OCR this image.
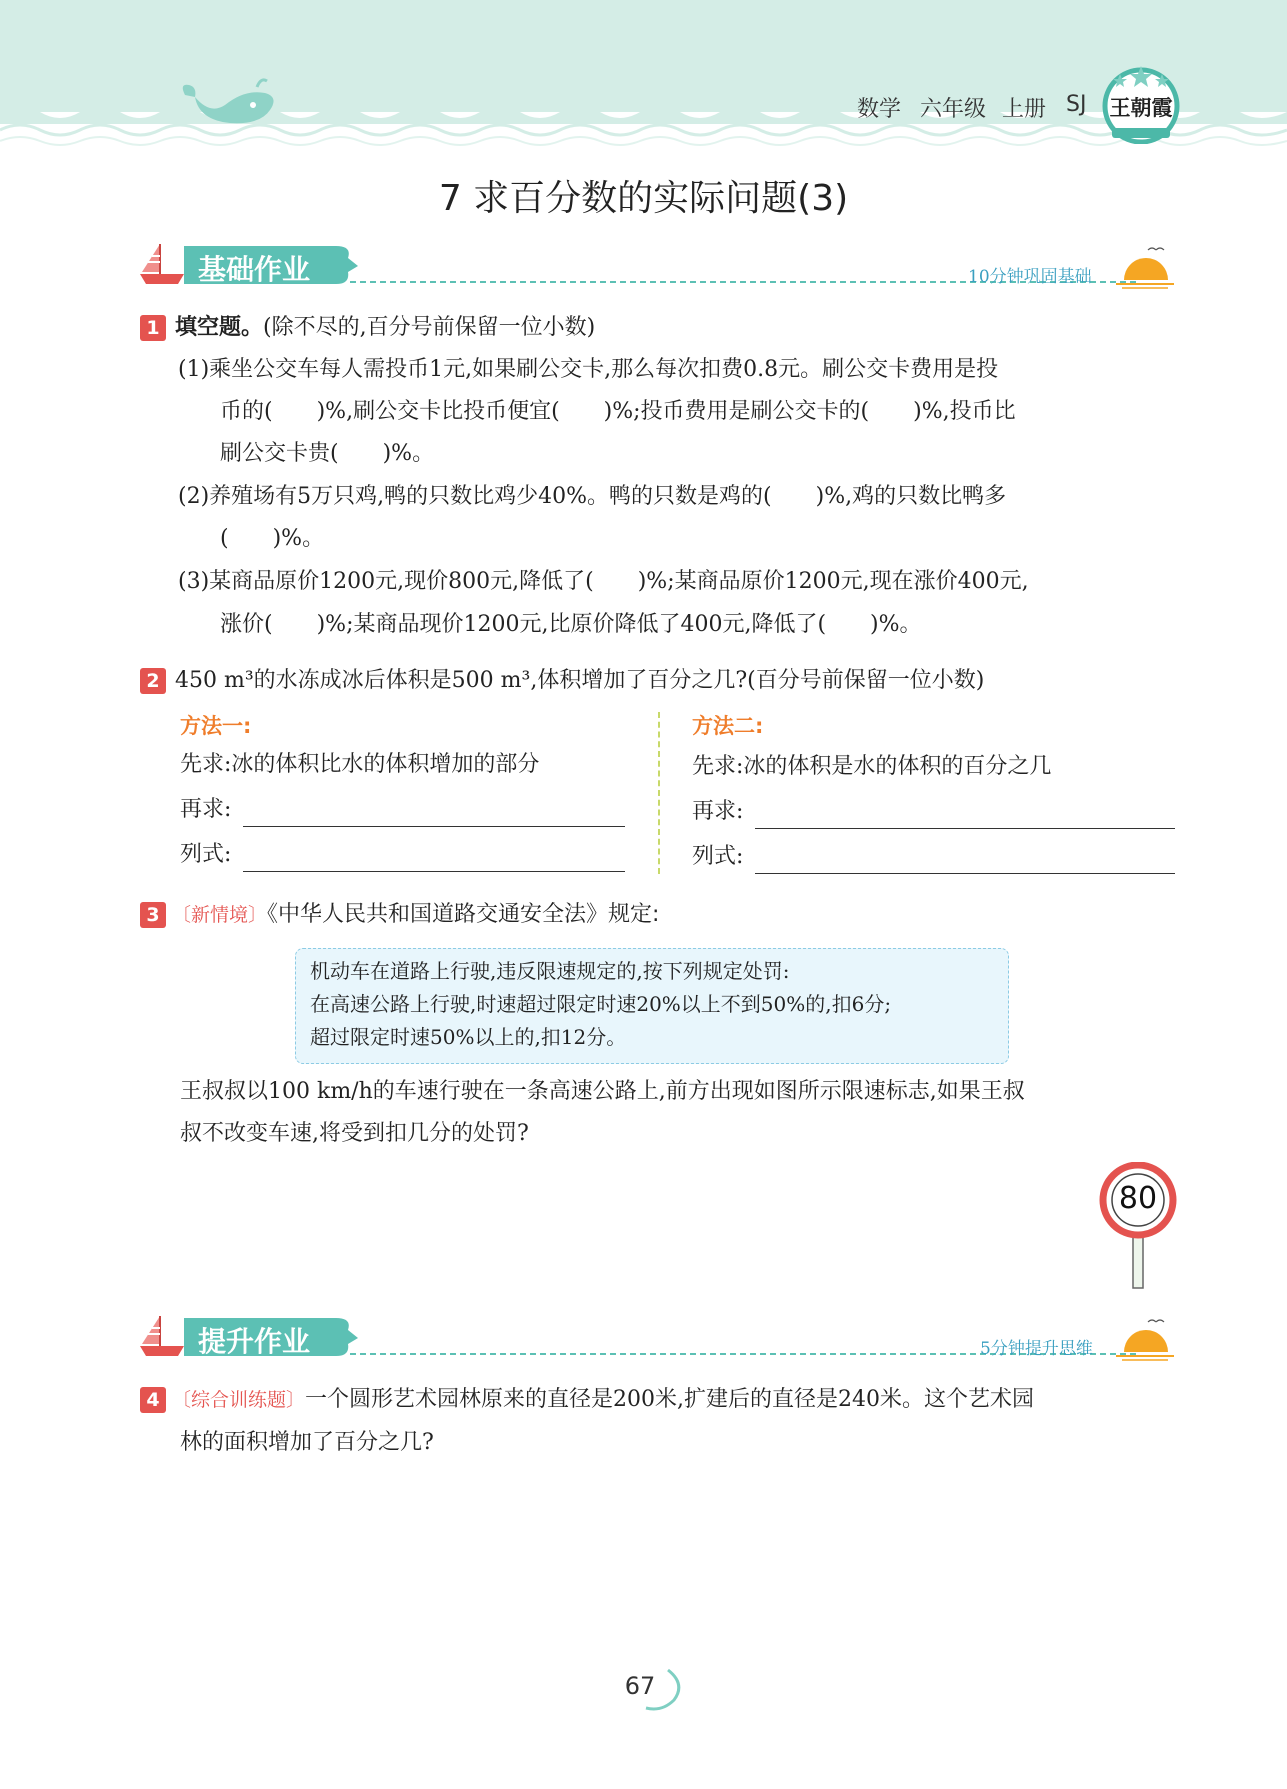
数学 六年级 上册 SJ	王朝霞
7 求百分数的实际问题(3)
基础作业	10分钟巩固基础
1 填空题。(除不尽的,百分号前保留一位小数)
(1)乘坐公交车每人需投币1元,如果刷公交卡,那么每次扣费0.8元。刷公交卡费用是投
币的(　　)%,刷公交卡比投币便宜(　　)%;投币费用是刷公交卡的(　　)%,投币比
刷公交卡贵(　　)%。
(2)养殖场有5万只鸡,鸭的只数比鸡少40%。鸭的只数是鸡的(　　)%,鸡的只数比鸭多
(　　)%。
(3)某商品原价1200元,现价800元,降低了(　　)%;某商品原价1200元,现在涨价400元,
涨价(　　)%;某商品现价1200元,比原价降低了400元,降低了(　　)%。
2 450 m³的水冻成冰后体积是500 m³,体积增加了百分之几?(百分号前保留一位小数)
方法一:
先求:冰的体积比水的体积增加的部分
再求:
列式:
方法二:
先求:冰的体积是水的体积的百分之几
再求:
列式:
3 〔新情境〕《中华人民共和国道路交通安全法》规定:
机动车在道路上行驶,违反限速规定的,按下列规定处罚:
在高速公路上行驶,时速超过限定时速20%以上不到50%的,扣6分;
超过限定时速50%以上的,扣12分。
王叔叔以100 km/h的车速行驶在一条高速公路上,前方出现如图所示限速标志,如果王叔
叔不改变车速,将受到扣几分的处罚?
80
提升作业	5分钟提升思维
4 〔综合训练题〕一个圆形艺术园林原来的直径是200米,扩建后的直径是240米。这个艺术园
林的面积增加了百分之几?
67
